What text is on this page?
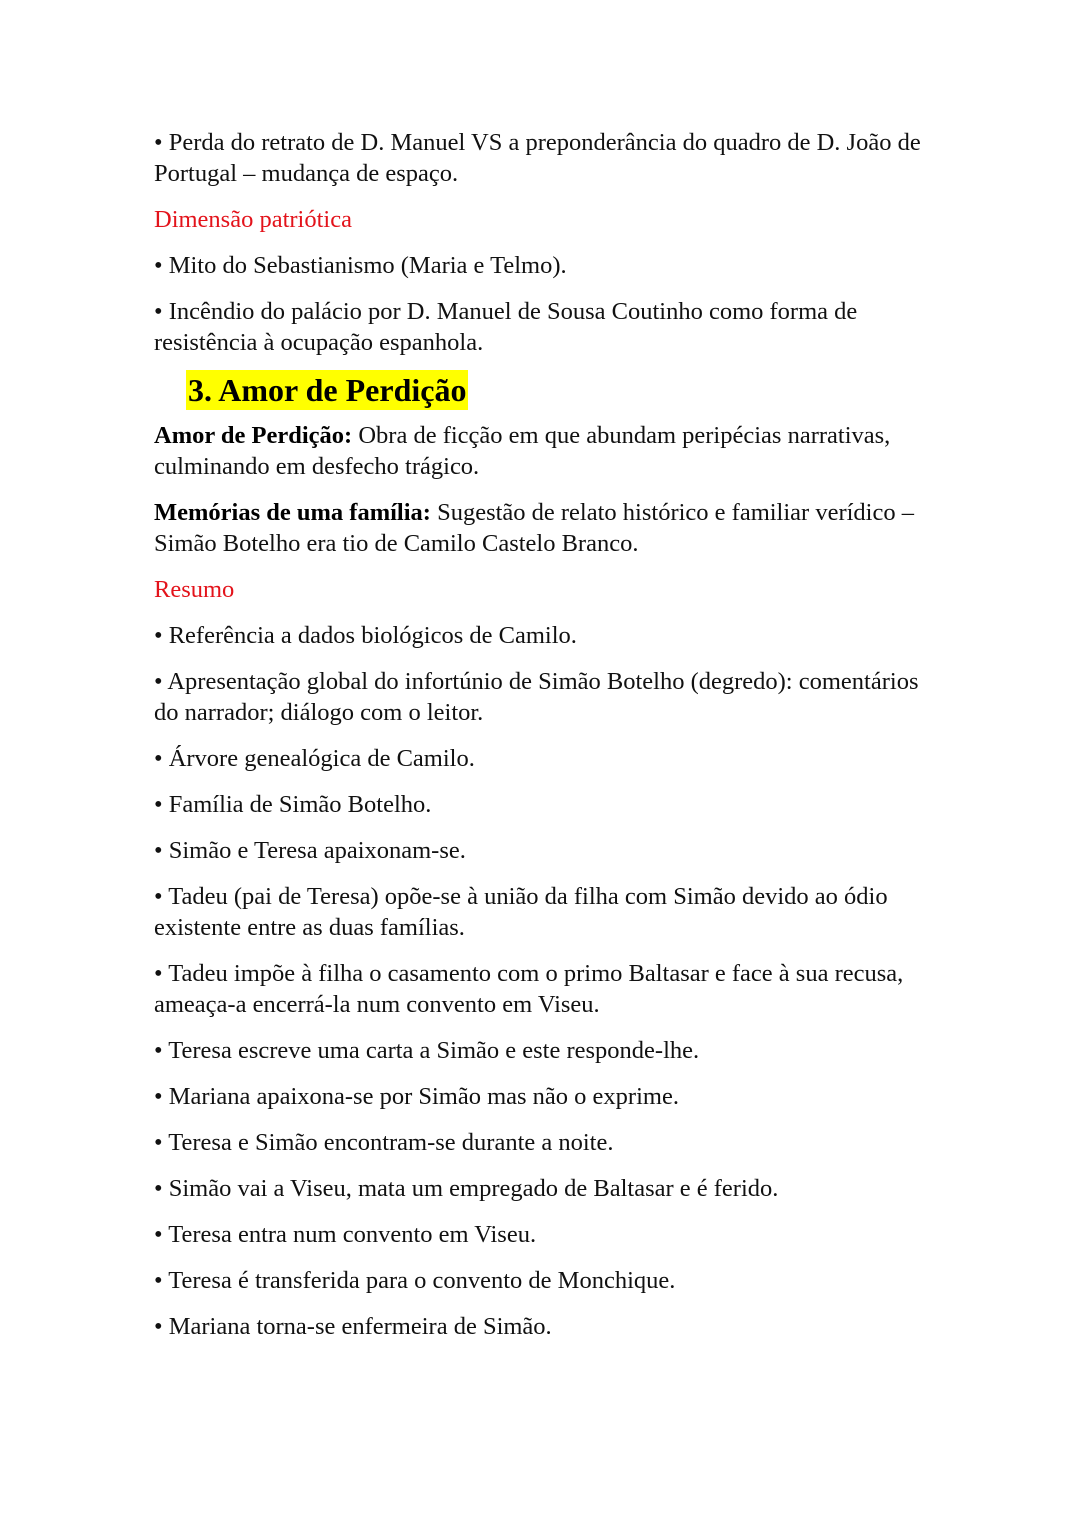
• Perda do retrato de D. Manuel VS a preponderância do quadro de D. João de Portugal – mudança de espaço.

Dimensão patriótica

• Mito do Sebastianismo (Maria e Telmo).

• Incêndio do palácio por D. Manuel de Sousa Coutinho como forma de resistência à ocupação espanhola.

3. Amor de Perdição

Amor de Perdição: Obra de ficção em que abundam peripécias narrativas, culminando em desfecho trágico.

Memórias de uma família: Sugestão de relato histórico e familiar verídico – Simão Botelho era tio de Camilo Castelo Branco.

Resumo

• Referência a dados biológicos de Camilo.

• Apresentação global do infortúnio de Simão Botelho (degredo): comentários do narrador; diálogo com o leitor.

• Árvore genealógica de Camilo.

• Família de Simão Botelho.

• Simão e Teresa apaixonam-se.

• Tadeu (pai de Teresa) opõe-se à união da filha com Simão devido ao ódio existente entre as duas famílias.

• Tadeu impõe à filha o casamento com o primo Baltasar e face à sua recusa, ameaça-a encerrá-la num convento em Viseu.

• Teresa escreve uma carta a Simão e este responde-lhe.

• Mariana apaixona-se por Simão mas não o exprime.

• Teresa e Simão encontram-se durante a noite.

• Simão vai a Viseu, mata um empregado de Baltasar e é ferido.

• Teresa entra num convento em Viseu.

• Teresa é transferida para o convento de Monchique.

• Mariana torna-se enfermeira de Simão.
